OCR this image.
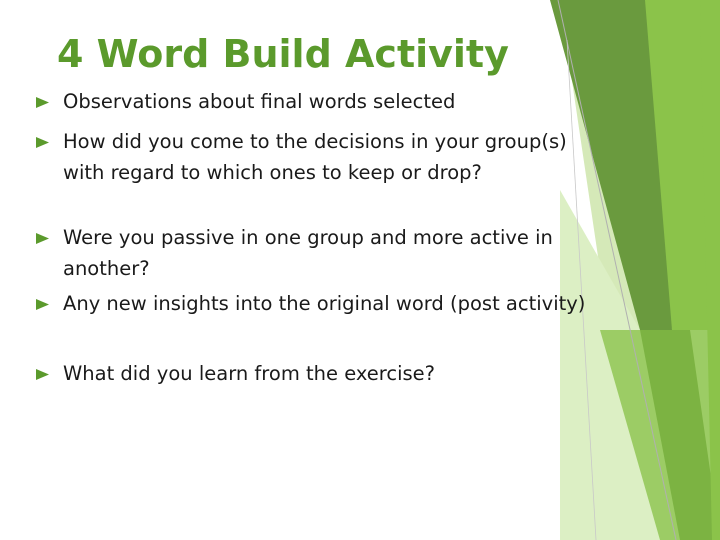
4 Word Build Activity
Observations about final words selected
How did you come to the decisions in your group(s) with regard to which ones to keep or drop?
Were you passive in one group and more active in another?
Any new insights into the original word (post activity)
What did you learn from the exercise?
